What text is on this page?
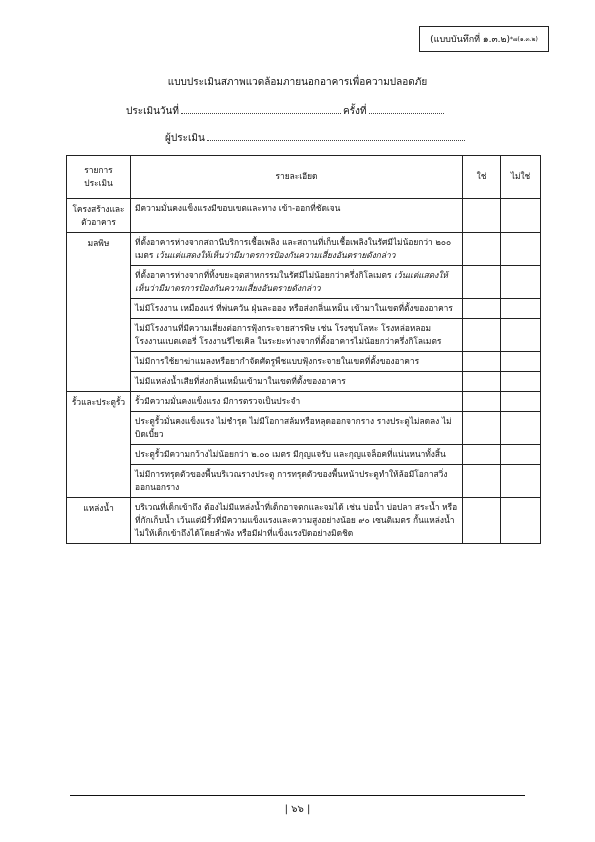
(แบบบันทึกที่ ๑.๓.๒) *๗(๑.๓.๒)
แบบประเมินสภาพแวดล้อมภายนอกอาคารเพื่อความปลอดภัย
ประเมินวันที่	ครั้งที่
ผู้ประเมิน
รายการประเมิน	รายละเอียด	ใช่	ไม่ใช่
โครงสร้างและตัวอาคาร	มีความมั่นคงแข็งแรงมีขอบเขตและทาง เข้า-ออกที่ชัดเจน		
มลพิษ	ที่ตั้งอาคารห่างจากสถานีบริการเชื้อเพลิง และสถานที่เก็บเชื้อเพลิงในรัศมีไม่น้อยกว่า ๒๐๐ เมตร เว้นแต่แสดงให้เห็นว่ามีมาตรการป้องกันความเสี่ยงอันตรายดังกล่าว		
	ที่ตั้งอาคารห่างจากที่ทิ้งขยะอุตสาหกรรมในรัศมีไม่น้อยกว่าครึ่งกิโลเมตร เว้นแต่แสดงให้เห็นว่ามีมาตรการป้องกันความเสี่ยงอันตรายดังกล่าว		
	ไม่มีโรงงาน เหมืองแร่ ที่พ่นควัน ฝุ่นละออง หรือส่งกลิ่นเหม็น เข้ามาในเขตที่ตั้งของอาคาร		
	ไม่มีโรงงานที่มีความเสี่ยงต่อการฟุ้งกระจายสารพิษ เช่น โรงชุบโลหะ โรงหล่อหลอม โรงงานแบตเตอรี่ โรงงานรีไซเคิล ในระยะห่างจากที่ตั้งอาคารไม่น้อยกว่าครึ่งกิโลเมตร		
	ไม่มีการใช้ยาฆ่าแมลงหรือยากำจัดศัตรูพืชแบบฟุ้งกระจายในเขตที่ตั้งของอาคาร		
	ไม่มีแหล่งน้ำเสียที่ส่งกลิ่นเหม็นเข้ามาในเขตที่ตั้งของอาคาร		
รั้วและประตูรั้ว	รั้วมีความมั่นคงแข็งแรง มีการตรวจเป็นประจำ		
	ประตูรั้วมั่นคงแข็งแรง ไม่ชำรุด ไม่มีโอกาสล้มหรือหลุดออกจากราง รางประตูไม่ลดลง ไม่บิดเบี้ยว		
	ประตูรั้วมีความกว้างไม่น้อยกว่า ๒.๐๐ เมตร มีกุญแจรับ และกุญแจล็อคที่แน่นหนาทั้งสิ้น		
	ไม่มีการทรุดตัวของพื้นบริเวณรางประตู การทรุดตัวของพื้นหน้าประตูทำให้ล้อมีโอกาสวิ่งออกนอกราง		
แหล่งน้ำ	บริเวณที่เด็กเข้าถึง ต้องไม่มีแหล่งน้ำที่เด็กอาจตกและจมได้ เช่น บ่อน้ำ บ่อปลา สระน้ำ หรือที่กักเก็บน้ำ เว้นแต่มีรั้วที่มีความแข็งแรงและความสูงอย่างน้อย ๙๐ เซนติเมตร กั้นแหล่งน้ำไม่ให้เด็กเข้าถึงได้โดยลำพัง หรือมีฝาที่แข็งแรงปิดอย่างมิดชิด		
| ๖๖ |
